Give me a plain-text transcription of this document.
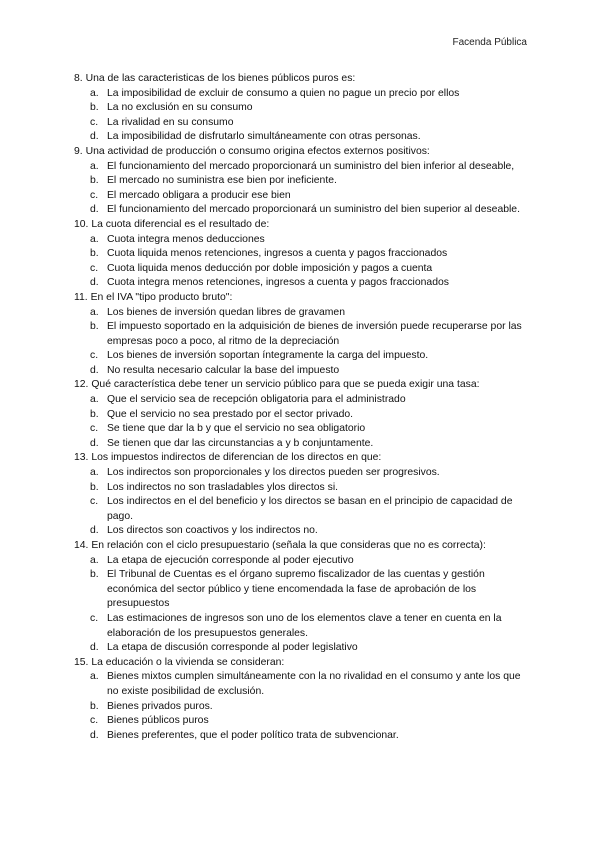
Facenda Pública
8. Una de las caracteristicas de los bienes públicos puros es:
a. La imposibilidad de excluir de consumo a quien no pague un precio por ellos
b. La no exclusión en su consumo
c. La rivalidad en su consumo
d. La imposibilidad de disfrutarlo simultáneamente con otras personas.
9. Una actividad de producción o consumo origina efectos externos positivos:
a. El funcionamiento del mercado proporcionará un suministro del bien inferior al deseable,
b. El mercado no suministra ese bien por ineficiente.
c. El mercado obligara a producir ese bien
d. El funcionamiento del mercado proporcionará un suministro del bien superior al deseable.
10. La cuota diferencial es el resultado de:
a. Cuota integra menos deducciones
b. Cuota liquida menos retenciones, ingresos a cuenta y pagos fraccionados
c. Cuota liquida menos deducción por doble imposición y pagos a cuenta
d. Cuota integra menos retenciones, ingresos a cuenta y pagos fraccionados
11. En el IVA "tipo producto bruto":
a. Los bienes de inversión quedan libres de gravamen
b. El impuesto soportado en la adquisición de bienes de inversión puede recuperarse por las empresas poco a poco, al ritmo de la depreciación
c. Los bienes de inversión soportan íntegramente la carga del impuesto.
d. No resulta necesario calcular la base del impuesto
12. Qué característica debe tener un servicio público para que se pueda exigir una tasa:
a. Que el servicio sea de recepción obligatoria para el administrado
b. Que el servicio no sea prestado por el sector privado.
c. Se tiene que dar la b y que el servicio no sea obligatorio
d. Se tienen que dar las circunstancias a y b conjuntamente.
13. Los impuestos indirectos de diferencian de los directos en que:
a. Los indirectos son proporcionales y los directos pueden ser progresivos.
b. Los indirectos no son trasladables ylos directos si.
c. Los indirectos en el del beneficio y los directos se basan en el principio de capacidad de pago.
d. Los directos son coactivos y los indirectos no.
14. En relación con el ciclo presupuestario (señala la que consideras que no es correcta):
a. La etapa de ejecución corresponde al poder ejecutivo
b. El Tribunal de Cuentas es el órgano supremo fiscalizador de las cuentas y gestión económica del sector público y tiene encomendada la fase de aprobación de los presupuestos
c. Las estimaciones de ingresos son uno de los elementos clave a tener en cuenta en la elaboración de los presupuestos generales.
d. La etapa de discusión corresponde al poder legislativo
15. La educación o la vivienda se consideran:
a. Bienes mixtos cumplen simultáneamente con la no rivalidad en el consumo y ante los que no existe posibilidad de exclusión.
b. Bienes privados puros.
c. Bienes públicos puros
d. Bienes preferentes, que el poder político trata de subvencionar.
